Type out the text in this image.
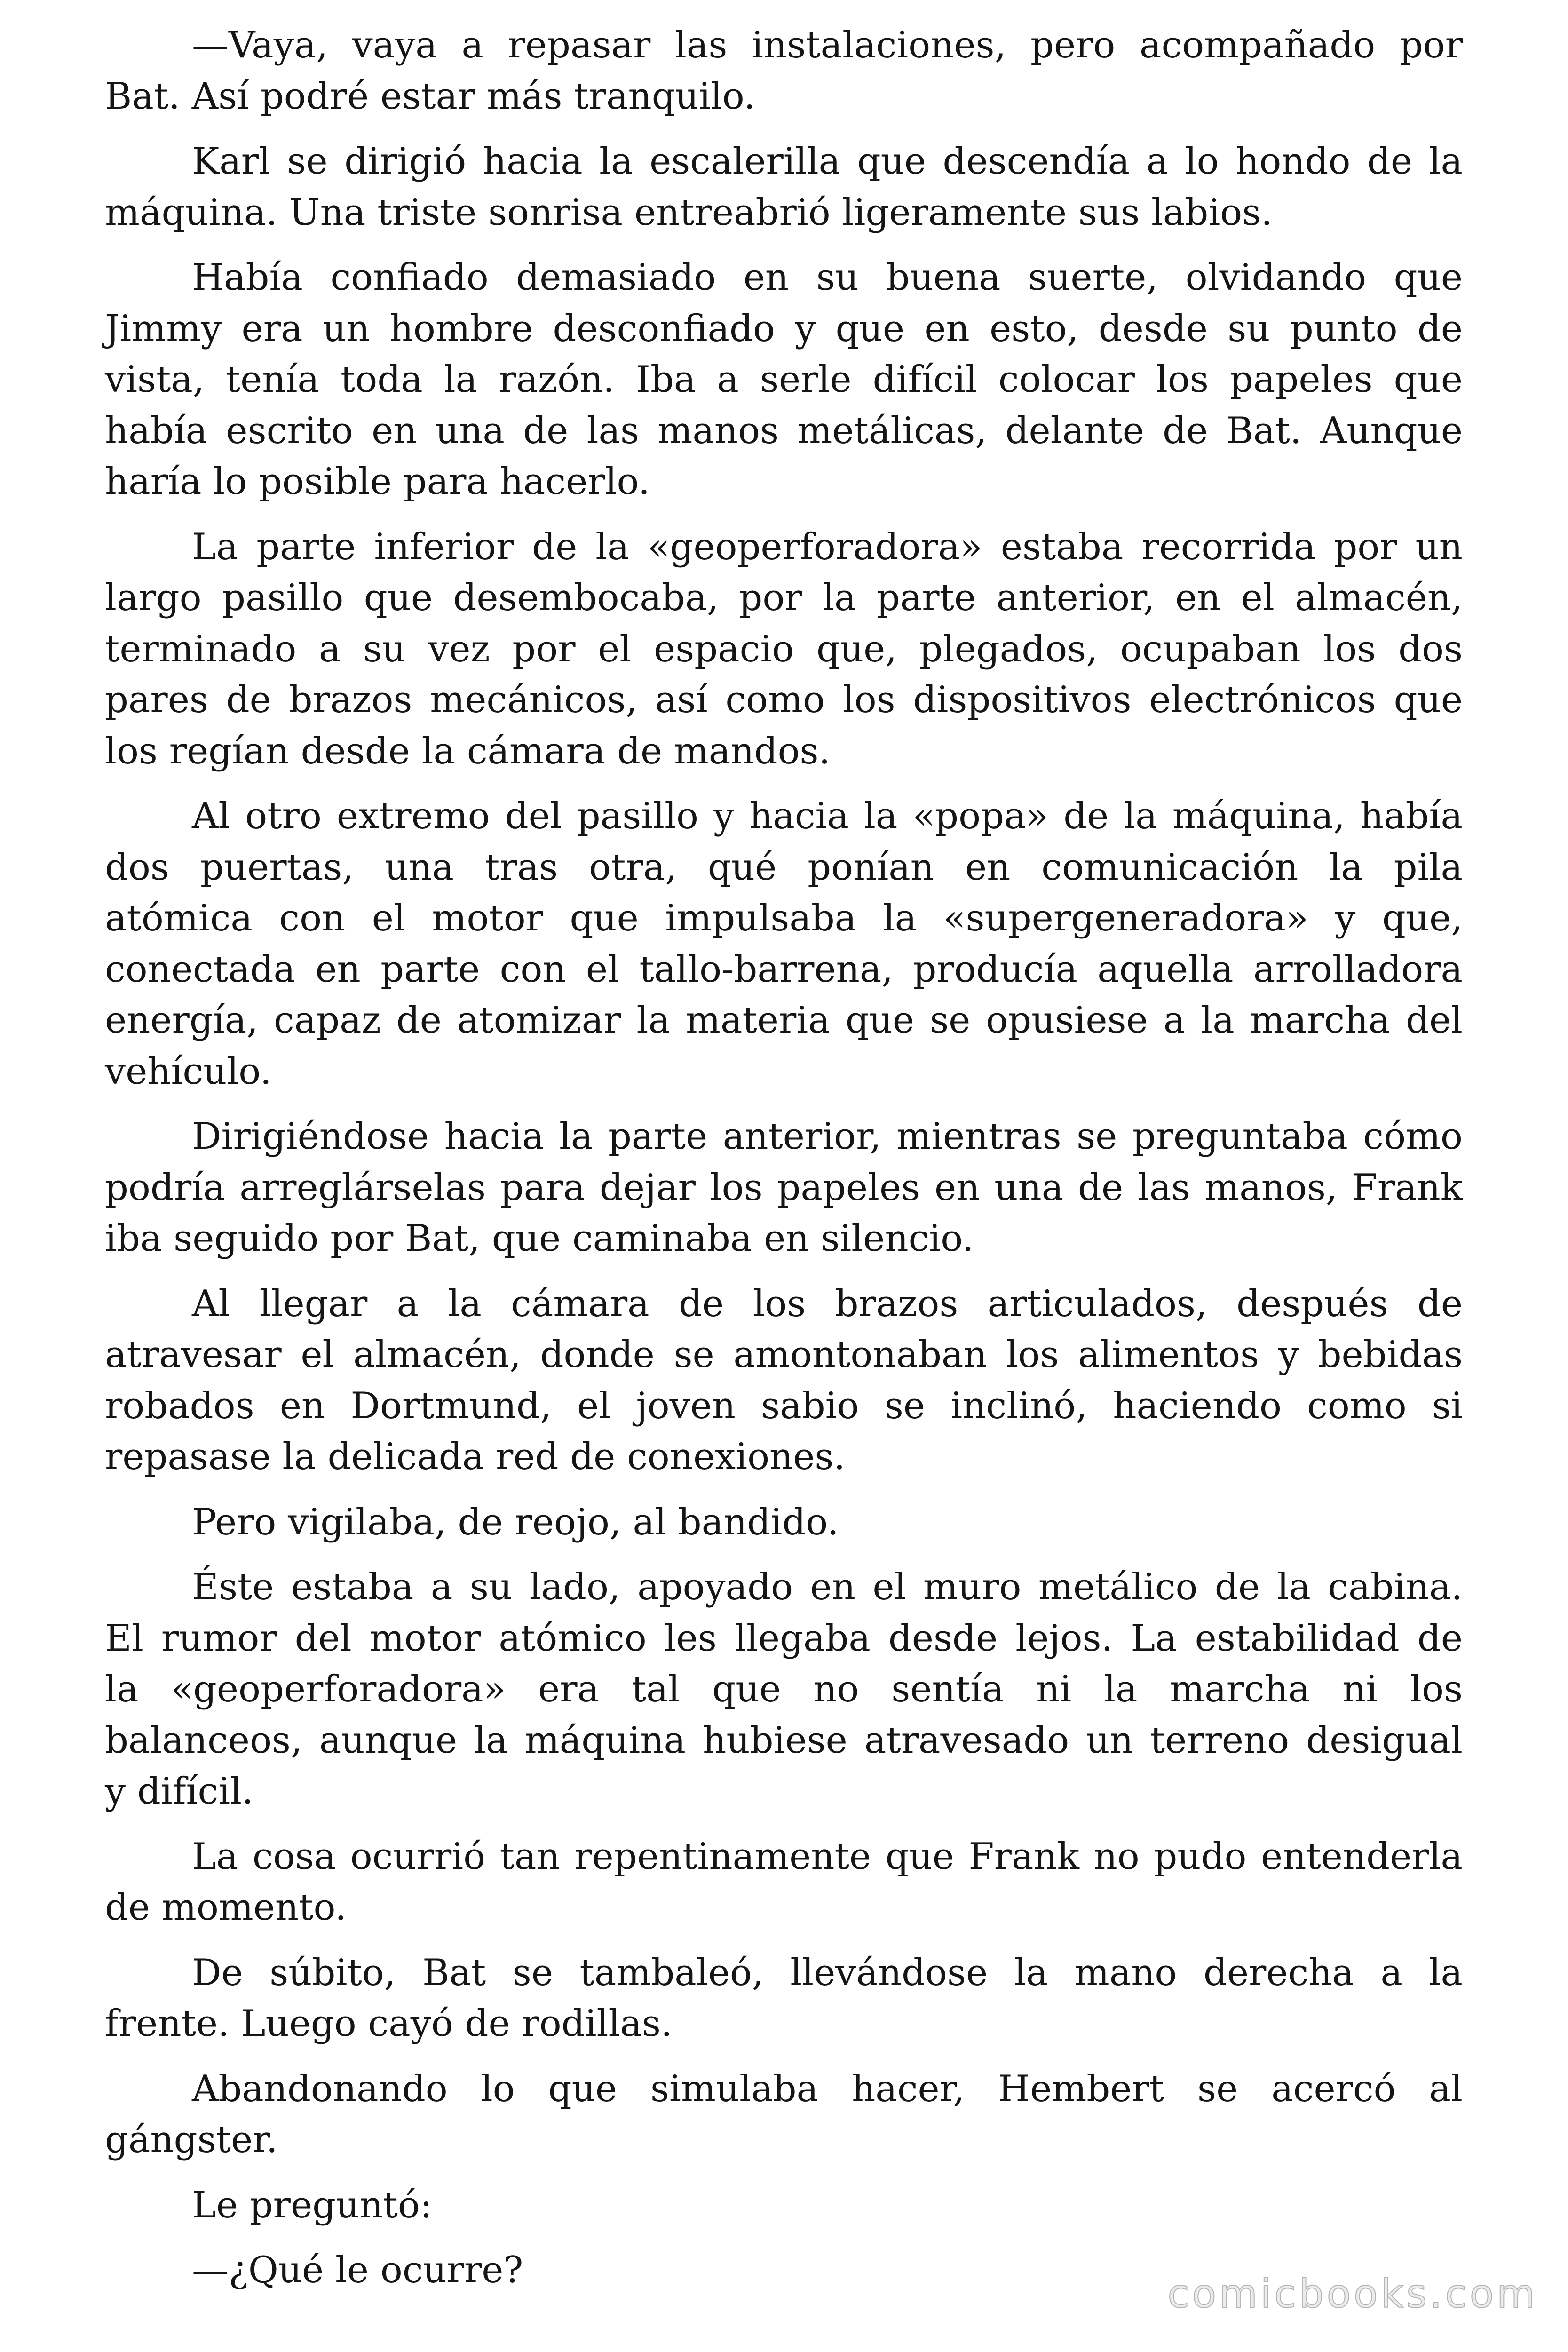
—Vaya, vaya a repasar las instalaciones, pero acompañado por
Bat. Así podré estar más tranquilo.
Karl se dirigió hacia la escalerilla que descendía a lo hondo de la
máquina. Una triste sonrisa entreabrió ligeramente sus labios.
Había confiado demasiado en su buena suerte, olvidando que
Jimmy era un hombre desconfiado y que en esto, desde su punto de
vista, tenía toda la razón. Iba a serle difícil colocar los papeles que
había escrito en una de las manos metálicas, delante de Bat. Aunque
haría lo posible para hacerlo.
La parte inferior de la «geoperforadora» estaba recorrida por un
largo pasillo que desembocaba, por la parte anterior, en el almacén,
terminado a su vez por el espacio que, plegados, ocupaban los dos
pares de brazos mecánicos, así como los dispositivos electrónicos que
los regían desde la cámara de mandos.
Al otro extremo del pasillo y hacia la «popa» de la máquina, había
dos puertas, una tras otra, qué ponían en comunicación la pila
atómica con el motor que impulsaba la «supergeneradora» y que,
conectada en parte con el tallo-barrena, producía aquella arrolladora
energía, capaz de atomizar la materia que se opusiese a la marcha del
vehículo.
Dirigiéndose hacia la parte anterior, mientras se preguntaba cómo
podría arreglárselas para dejar los papeles en una de las manos, Frank
iba seguido por Bat, que caminaba en silencio.
Al llegar a la cámara de los brazos articulados, después de
atravesar el almacén, donde se amontonaban los alimentos y bebidas
robados en Dortmund, el joven sabio se inclinó, haciendo como si
repasase la delicada red de conexiones.
Pero vigilaba, de reojo, al bandido.
Éste estaba a su lado, apoyado en el muro metálico de la cabina.
El rumor del motor atómico les llegaba desde lejos. La estabilidad de
la «geoperforadora» era tal que no sentía ni la marcha ni los
balanceos, aunque la máquina hubiese atravesado un terreno desigual
y difícil.
La cosa ocurrió tan repentinamente que Frank no pudo entenderla
de momento.
De súbito, Bat se tambaleó, llevándose la mano derecha a la
frente. Luego cayó de rodillas.
Abandonando lo que simulaba hacer, Hembert se acercó al
gángster.
Le preguntó:
—¿Qué le ocurre?
comicbooks.com
